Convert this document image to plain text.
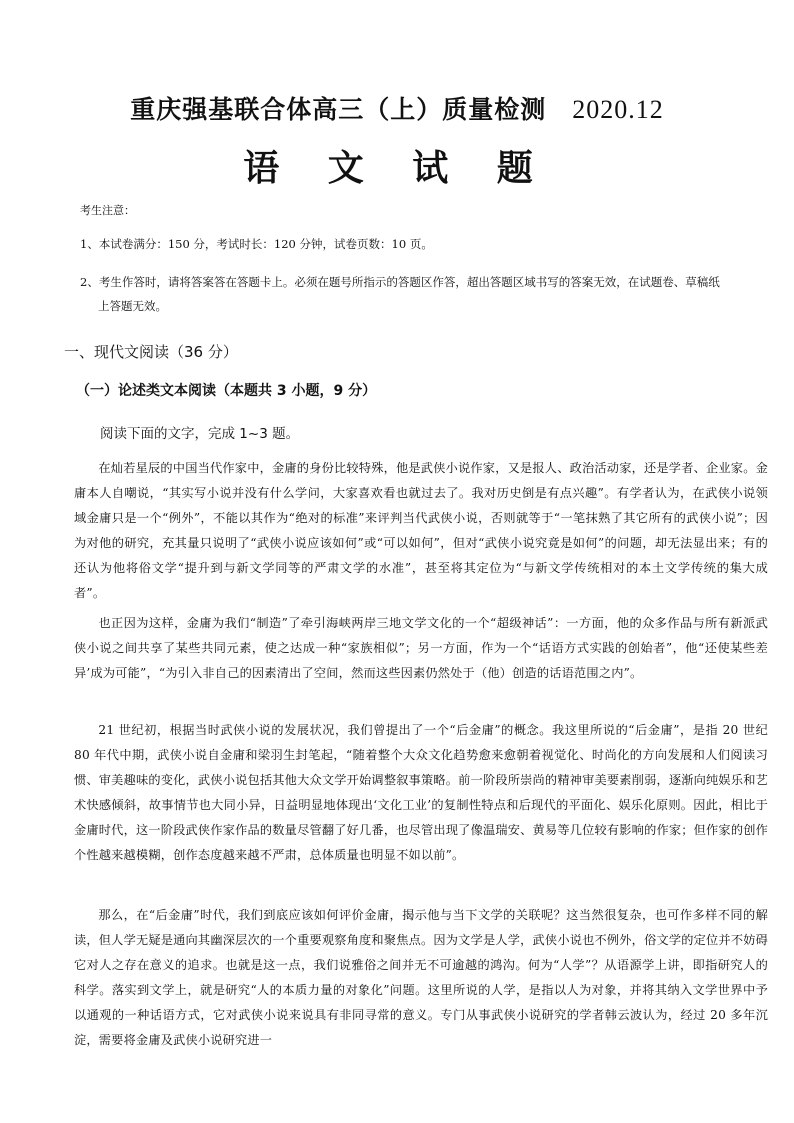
重庆强基联合体高三（上）质量检测 2020.12
语 文 试 题
考生注意：
1、本试卷满分：150 分，考试时长：120 分钟，试卷页数：10 页。
2、考生作答时，请将答案答在答题卡上。必须在题号所指示的答题区作答，超出答题区域书写的答案无效，在试题卷、草稿纸
上答题无效。
一、现代文阅读（36 分）
（一）论述类文本阅读（本题共 3 小题，9 分）
阅读下面的文字，完成 1~3 题。

在灿若星辰的中国当代作家中，金庸的身份比较特殊，他是武侠小说作家，又是报人、政治活动家，还是学者、企业家。金庸本人自嘲说，“其实写小说并没有什么学问，大家喜欢看也就过去了。我对历史倒是有点兴趣”。有学者认为，在武侠小说领域金庸只是一个“例外”，不能以其作为“绝对的标准”来评判当代武侠小说，否则就等于“一笔抹熟了其它所有的武侠小说”；因为对他的研究，充其量只说明了“武侠小说应该如何”或“可以如何”，但对“武侠小说究竟是如何”的问题，却无法显出来；有的还认为他将俗文学“提升到与新文学同等的严肃文学的水准”，甚至将其定位为“与新文学传统相对的本土文学传统的集大成者”。

也正因为这样，金庸为我们“制造”了牵引海峡两岸三地文学文化的一个“超级神话”：一方面，他的众多作品与所有新派武侠小说之间共享了某些共同元素，使之达成一种“家族相似”；另一方面，作为一个“话语方式实践的创始者”，他“还使某些差异’成为可能”，“为引入非自己的因素清出了空间，然而这些因素仍然处于（他）创造的话语范围之内”。

21 世纪初，根据当时武侠小说的发展状况，我们曾提出了一个“后金庸”的概念。我这里所说的“后金庸”，是指 20 世纪 80 年代中期，武侠小说自金庸和梁羽生封笔起，“随着整个大众文化趋势愈来愈朝着视觉化、时尚化的方向发展和人们阅读习惯、审美趣味的变化，武侠小说包括其他大众文学开始调整叙事策略。前一阶段所崇尚的精神审美要素削弱，逐渐向纯娱乐和艺术快感倾斜，故事情节也大同小异，日益明显地体现出‘文化工业’的复制性特点和后现代的平面化、娱乐化原则。因此，相比于金庸时代，这一阶段武侠作家作品的数量尽管翻了好几番，也尽管出现了像温瑞安、黄易等几位较有影响的作家；但作家的创作个性越来越模糊，创作态度越来越不严肃，总体质量也明显不如以前”。

那么，在“后金庸”时代，我们到底应该如何评价金庸，揭示他与当下文学的关联呢？这当然很复杂，也可作多样不同的解读，但人学无疑是通向其幽深层次的一个重要观察角度和聚焦点。因为文学是人学，武侠小说也不例外，俗文学的定位并不妨碍它对人之存在意义的追求。也就是这一点，我们说雅俗之间并无不可逾越的鸿沟。何为“人学”？从语源学上讲，即指研究人的科学。落实到文学上，就是研究“人的本质力量的对象化”问题。这里所说的人学，是指以人为对象，并将其纳入文学世界中予以通观的一种话语方式，它对武侠小说来说具有非同寻常的意义。专门从事武侠小说研究的学者韩云波认为，经过 20 多年沉淀，需要将金庸及武侠小说研究进一
